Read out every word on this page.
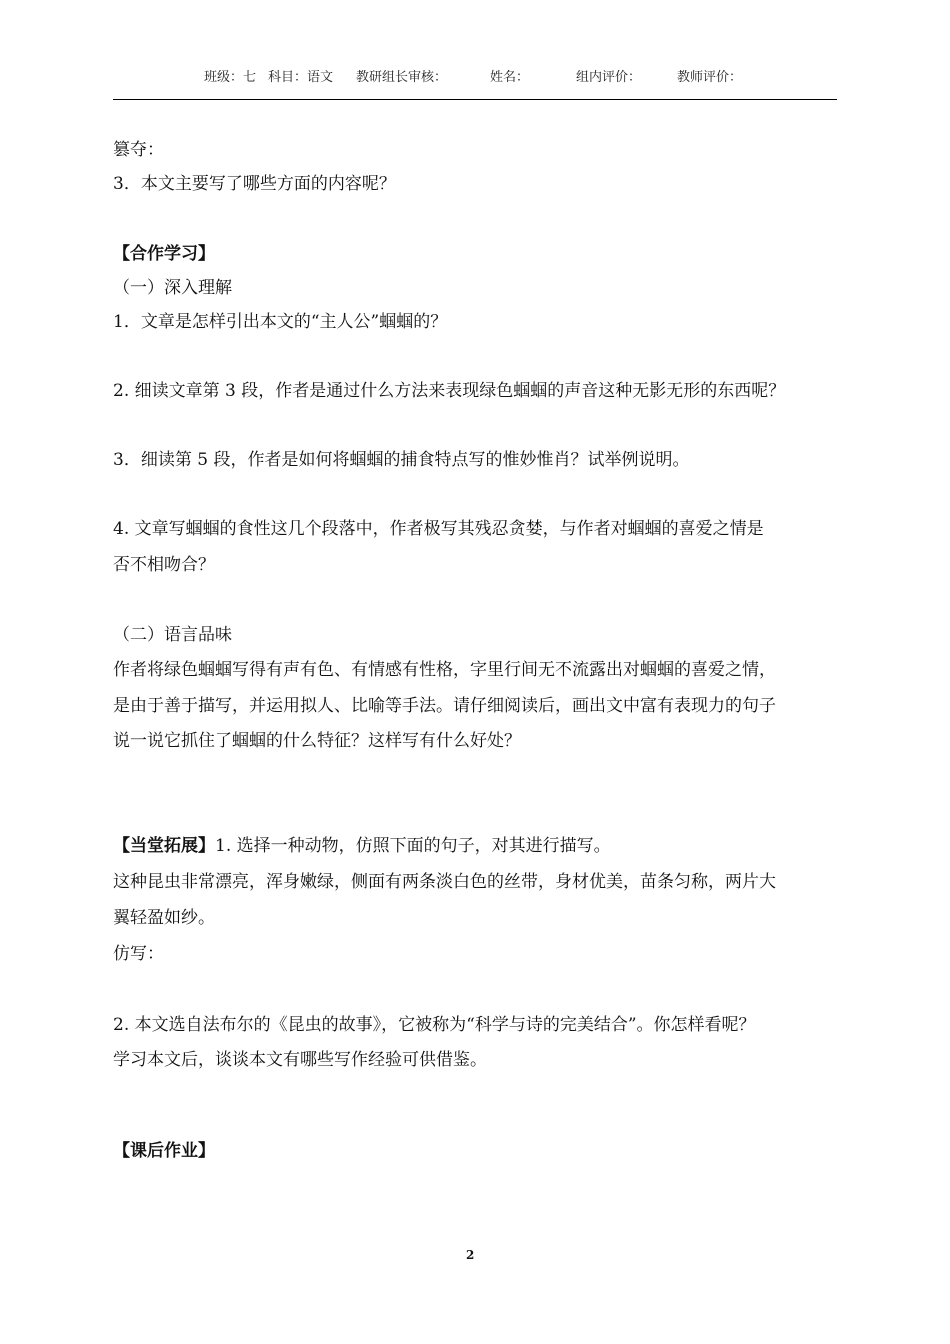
班级：七 科目：语文 教研组长审核：	姓名：	组内评价：	教师评价：
篡夺：
3．本文主要写了哪些方面的内容呢？
【合作学习】
（一）深入理解
1．文章是怎样引出本文的“主人公”蝈蝈的？
2. 细读文章第 3 段，作者是通过什么方法来表现绿色蝈蝈的声音这种无影无形的东西呢？
3．细读第 5 段，作者是如何将蝈蝈的捕食特点写的惟妙惟肖？试举例说明。
4. 文章写蝈蝈的食性这几个段落中，作者极写其残忍贪婪，与作者对蝈蝈的喜爱之情是
否不相吻合？
（二）语言品味
作者将绿色蝈蝈写得有声有色、有情感有性格，字里行间无不流露出对蝈蝈的喜爱之情，
是由于善于描写，并运用拟人、比喻等手法。请仔细阅读后，画出文中富有表现力的句子
说一说它抓住了蝈蝈的什么特征？这样写有什么好处？
【当堂拓展】1. 选择一种动物，仿照下面的句子，对其进行描写。
这种昆虫非常漂亮，浑身嫩绿，侧面有两条淡白色的丝带，身材优美，苗条匀称，两片大
翼轻盈如纱。
仿写：
2. 本文选自法布尔的《昆虫的故事》，它被称为“科学与诗的完美结合”。你怎样看呢？
学习本文后，谈谈本文有哪些写作经验可供借鉴。
【课后作业】
2
